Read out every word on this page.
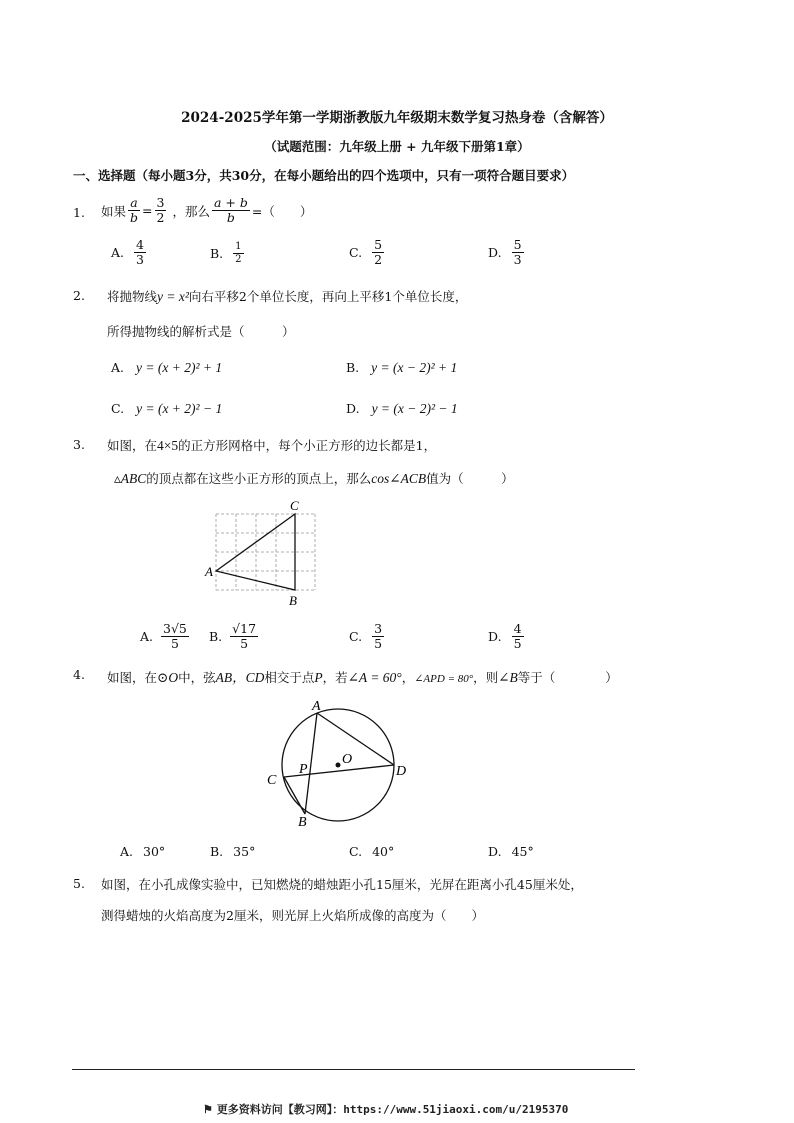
2024-2025学年第一学期浙教版九年级期末数学复习热身卷（含解答）
（试题范围：九年级上册 + 九年级下册第1章）
一、选择题（每小题3分，共30分，在每小题给出的四个选项中，只有一项符合题目要求）
1. 如果 $\frac{a}{b} = \frac{3}{2}$ ，那么 $\frac{a + b}{b}$ =（　　）
A. $\frac{4}{3}$	B. $\frac{1}{2}$	C. $\frac{5}{2}$	D. $\frac{5}{3}$
2. 将抛物线y = x²向右平移2个单位长度，再向上平移1个单位长度，
所得抛物线的解析式是（　　　）
A. y = (x + 2)² + 1	B. y = (x − 2)² + 1
C. y = (x + 2)² − 1	D. y = (x − 2)² − 1
3. 如图，在4×5的正方形网格中，每个小正方形的边长都是1，
▵ABC的顶点都在这些小正方形的顶点上，那么cos∠ACB值为（　　　）
C
A
B
A. $\frac{3√5}{5} B$. $\frac{√17}{5}$	C. $\frac{3}{5}$	D. $\frac{4}{5}$
4. 如图，在⊙O中，弦AB，CD相交于点P，若∠A = 60°，∠APD = 80°，则∠B等于（　　　　）
A
O
P	D
C
B
A. 30°	B. 35°	C. 40°	D. 45°
5. 如图，在小孔成像实验中，已知燃烧的蜡烛距小孔15厘米，光屏在距离小孔45厘米处，
测得蜡烛的火焰高度为2厘米，则光屏上火焰所成像的高度为（　　）
⚑ 更多资料访问【教习网】：https://www.51jiaoxi.com/u/2195370
